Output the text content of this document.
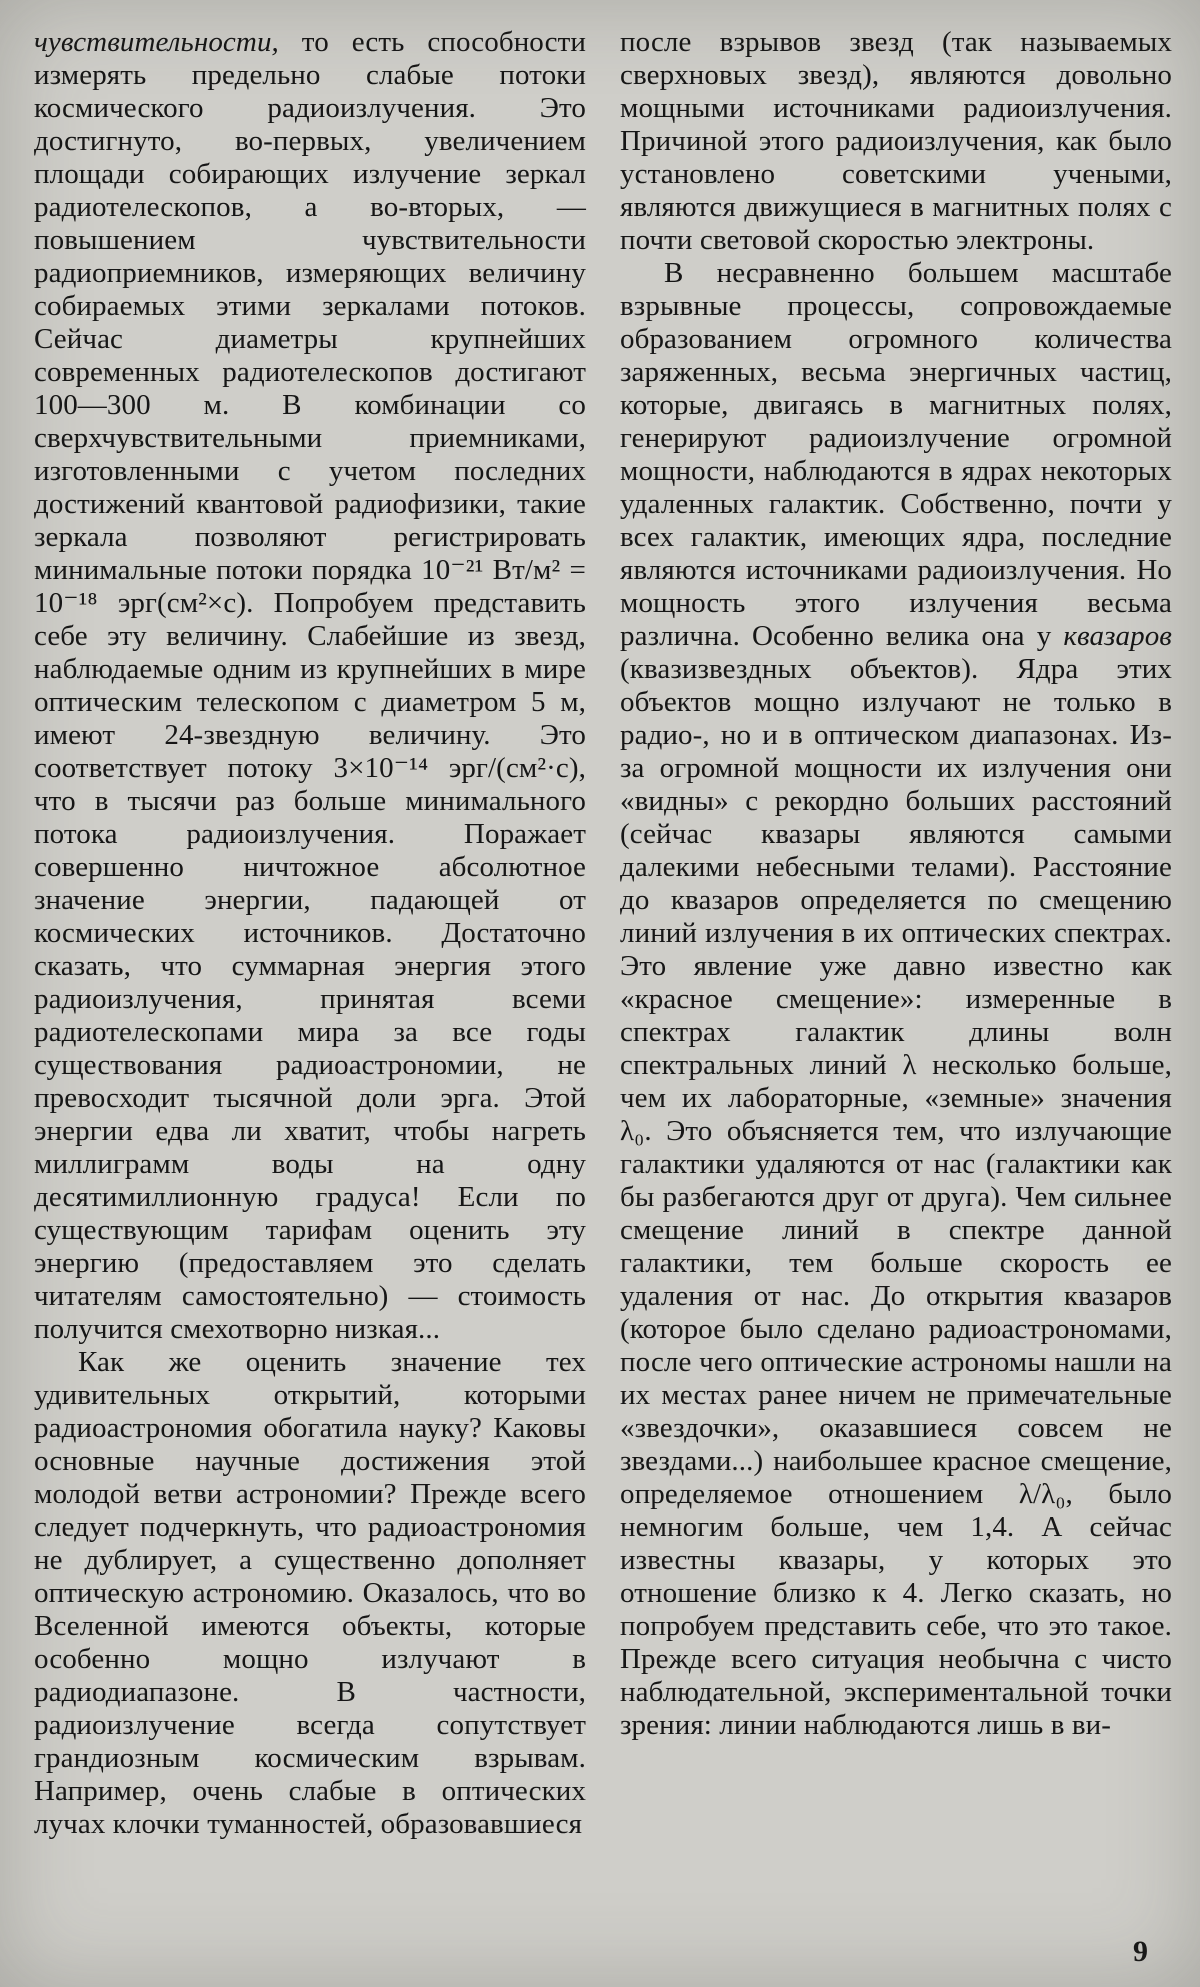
чувствительности, то есть способности измерять предельно слабые потоки космического радиоизлучения. Это достигнуто, во-первых, увеличением площади собирающих излучение зеркал радиотелескопов, а во-вторых, — повышением чувствительности радиоприемников, измеряющих величину собираемых этими зеркалами потоков. Сейчас диаметры крупнейших современных радиотелескопов достигают 100—300 м. В комбинации со сверхчувствительными приемниками, изготовленными с учетом последних достижений квантовой радиофизики, такие зеркала позволяют регистрировать минимальные потоки порядка 10⁻²¹ Вт/м² = 10⁻¹⁸ эрг(см²×с). Попробуем представить себе эту величину. Слабейшие из звезд, наблюдаемые одним из крупнейших в мире оптическим телескопом с диаметром 5 м, имеют 24-звездную величину. Это соответствует потоку 3×10⁻¹⁴ эрг/(см²·с), что в тысячи раз больше минимального потока радиоизлучения. Поражает совершенно ничтожное абсолютное значение энергии, падающей от космических источников. Достаточно сказать, что суммарная энергия этого радиоизлучения, принятая всеми радиотелескопами мира за все годы существования радиоастрономии, не превосходит тысячной доли эрга. Этой энергии едва ли хватит, чтобы нагреть миллиграмм воды на одну десятимиллионную градуса! Если по существующим тарифам оценить эту энергию (предоставляем это сделать читателям самостоятельно) — стоимость получится смехотворно низкая...

Как же оценить значение тех удивительных открытий, которыми радиоастрономия обогатила науку? Каковы основные научные достижения этой молодой ветви астрономии? Прежде всего следует подчеркнуть, что радиоастрономия не дублирует, а существенно дополняет оптическую астрономию. Оказалось, что во Вселенной имеются объекты, которые особенно мощно излучают в радиодиапазоне. В частности, радиоизлучение всегда сопутствует грандиозным космическим взрывам. Например, очень слабые в оптических лучах клочки туманностей, образовавшиеся

после взрывов звезд (так называемых сверхновых звезд), являются довольно мощными источниками радиоизлучения. Причиной этого радиоизлучения, как было установлено советскими учеными, являются движущиеся в магнитных полях с почти световой скоростью электроны.

В несравненно большем масштабе взрывные процессы, сопровождаемые образованием огромного количества заряженных, весьма энергичных частиц, которые, двигаясь в магнитных полях, генерируют радиоизлучение огромной мощности, наблюдаются в ядрах некоторых удаленных галактик. Собственно, почти у всех галактик, имеющих ядра, последние являются источниками радиоизлучения. Но мощность этого излучения весьма различна. Особенно велика она у квазаров (квазизвездных объектов). Ядра этих объектов мощно излучают не только в радио-, но и в оптическом диапазонах. Из-за огромной мощности их излучения они «видны» с рекордно больших расстояний (сейчас квазары являются самыми далекими небесными телами). Расстояние до квазаров определяется по смещению линий излучения в их оптических спектрах. Это явление уже давно известно как «красное смещение»: измеренные в спектрах галактик длины волн спектральных линий λ несколько больше, чем их лабораторные, «земные» значения λ₀. Это объясняется тем, что излучающие галактики удаляются от нас (галактики как бы разбегаются друг от друга). Чем сильнее смещение линий в спектре данной галактики, тем больше скорость ее удаления от нас. До открытия квазаров (которое было сделано радиоастрономами, после чего оптические астрономы нашли на их местах ранее ничем не примечательные «звездочки», оказавшиеся совсем не звездами...) наибольшее красное смещение, определяемое отношением λ/λ₀, было немногим больше, чем 1,4. А сейчас известны квазары, у которых это отношение близко к 4. Легко сказать, но попробуем представить себе, что это такое. Прежде всего ситуация необычна с чисто наблюдательной, экспериментальной точки зрения: линии наблюдаются лишь в ви-

9
